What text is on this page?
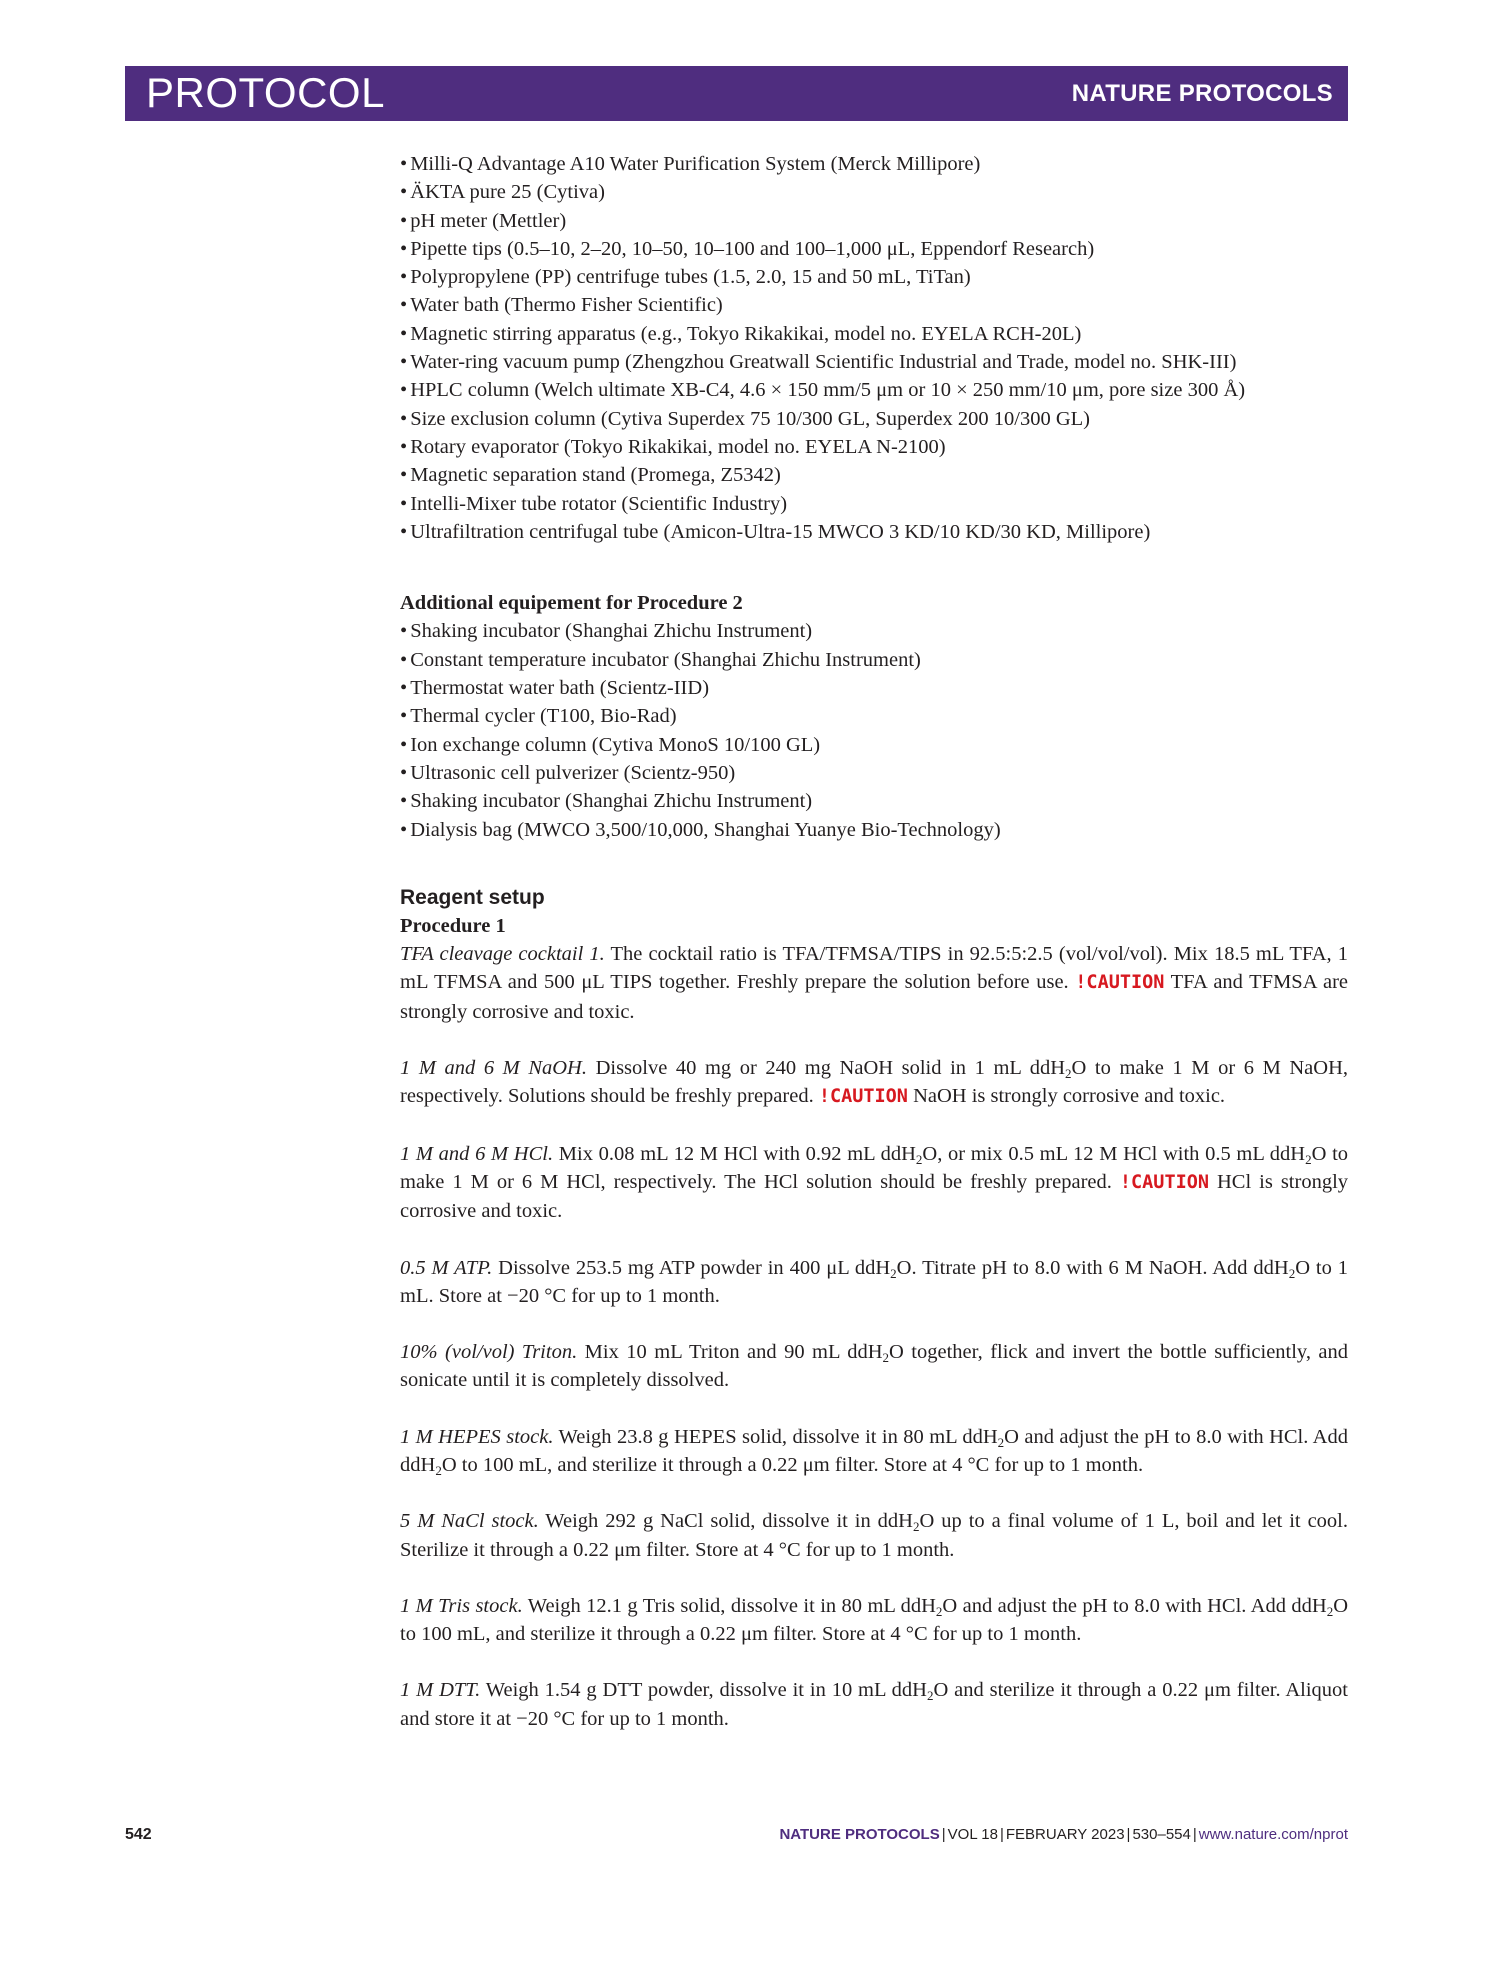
PROTOCOL	NATURE PROTOCOLS
• Milli-Q Advantage A10 Water Purification System (Merck Millipore)
• ÄKTA pure 25 (Cytiva)
• pH meter (Mettler)
• Pipette tips (0.5–10, 2–20, 10–50, 10–100 and 100–1,000 μL, Eppendorf Research)
• Polypropylene (PP) centrifuge tubes (1.5, 2.0, 15 and 50 mL, TiTan)
• Water bath (Thermo Fisher Scientific)
• Magnetic stirring apparatus (e.g., Tokyo Rikakikai, model no. EYELA RCH-20L)
• Water-ring vacuum pump (Zhengzhou Greatwall Scientific Industrial and Trade, model no. SHK-III)
• HPLC column (Welch ultimate XB-C4, 4.6 × 150 mm/5 μm or 10 × 250 mm/10 μm, pore size 300 Å)
• Size exclusion column (Cytiva Superdex 75 10/300 GL, Superdex 200 10/300 GL)
• Rotary evaporator (Tokyo Rikakikai, model no. EYELA N-2100)
• Magnetic separation stand (Promega, Z5342)
• Intelli-Mixer tube rotator (Scientific Industry)
• Ultrafiltration centrifugal tube (Amicon-Ultra-15 MWCO 3 KD/10 KD/30 KD, Millipore)
Additional equipement for Procedure 2
• Shaking incubator (Shanghai Zhichu Instrument)
• Constant temperature incubator (Shanghai Zhichu Instrument)
• Thermostat water bath (Scientz-IID)
• Thermal cycler (T100, Bio-Rad)
• Ion exchange column (Cytiva MonoS 10/100 GL)
• Ultrasonic cell pulverizer (Scientz-950)
• Shaking incubator (Shanghai Zhichu Instrument)
• Dialysis bag (MWCO 3,500/10,000, Shanghai Yuanye Bio-Technology)
Reagent setup
Procedure 1

TFA cleavage cocktail 1. The cocktail ratio is TFA/TFMSA/TIPS in 92.5:5:2.5 (vol/vol/vol). Mix 18.5 mL TFA, 1 mL TFMSA and 500 μL TIPS together. Freshly prepare the solution before use. !CAUTION TFA and TFMSA are strongly corrosive and toxic.

1 M and 6 M NaOH. Dissolve 40 mg or 240 mg NaOH solid in 1 mL ddH$_2$O to make 1 M or 6 M NaOH, respectively. Solutions should be freshly prepared. !CAUTION NaOH is strongly corrosive and toxic.

1 M and 6 M HCl. Mix 0.08 mL 12 M HCl with 0.92 mL ddH$_2$O, or mix 0.5 mL 12 M HCl with 0.5 mL ddH$_2$O to make 1 M or 6 M HCl, respectively. The HCl solution should be freshly prepared. !CAUTION HCl is strongly corrosive and toxic.

0.5 M ATP. Dissolve 253.5 mg ATP powder in 400 μL ddH$_2$O. Titrate pH to 8.0 with 6 M NaOH. Add ddH$_2$O to 1 mL. Store at −20 °C for up to 1 month.

10% (vol/vol) Triton. Mix 10 mL Triton and 90 mL ddH$_2$O together, flick and invert the bottle sufficiently, and sonicate until it is completely dissolved.

1 M HEPES stock. Weigh 23.8 g HEPES solid, dissolve it in 80 mL ddH$_2$O and adjust the pH to 8.0 with HCl. Add ddH$_2$O to 100 mL, and sterilize it through a 0.22 μm filter. Store at 4 °C for up to 1 month.

5 M NaCl stock. Weigh 292 g NaCl solid, dissolve it in ddH$_2$O up to a final volume of 1 L, boil and let it cool. Sterilize it through a 0.22 μm filter. Store at 4 °C for up to 1 month.

1 M Tris stock. Weigh 12.1 g Tris solid, dissolve it in 80 mL ddH$_2$O and adjust the pH to 8.0 with HCl. Add ddH$_2$O to 100 mL, and sterilize it through a 0.22 μm filter. Store at 4 °C for up to 1 month.

1 M DTT. Weigh 1.54 g DTT powder, dissolve it in 10 mL ddH$_2$O and sterilize it through a 0.22 μm filter. Aliquot and store it at −20 °C for up to 1 month.

542	NATURE PROTOCOLS | VOL 18 | FEBRUARY 2023 | 530–554 | www.nature.com/nprot
